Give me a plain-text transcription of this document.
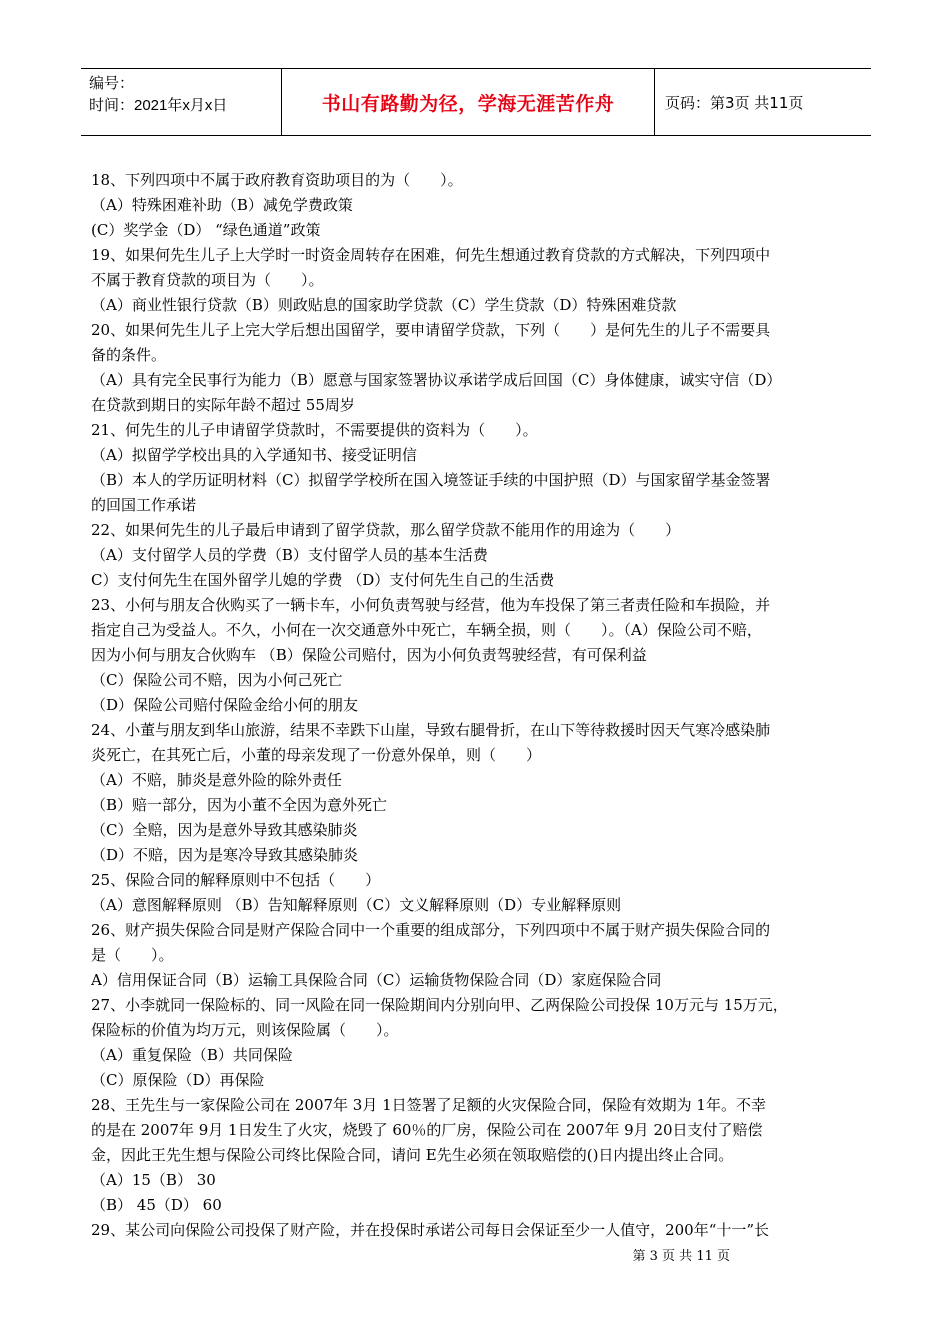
编号：
时间：2021年x月x日	书山有路勤为径，学海无涯苦作舟	页码：第3页 共11页
18、下列四项中不属于政府教育资助项目的为（　　）。
（A）特殊困难补助（B）减免学费政策
(C）奖学金（D） “绿色通道”政策
19、如果何先生儿子上大学时一时资金周转存在困难，何先生想通过教育贷款的方式解决，下列四项中
不属于教育贷款的项目为（　　）。
（A）商业性银行贷款（B）则政贴息的国家助学贷款（C）学生贷款（D）特殊困难贷款
20、如果何先生儿子上完大学后想出国留学，要申请留学贷款，下列（　　）是何先生的儿子不需要具
备的条件。
（A）具有完全民事行为能力（B）愿意与国家签署协议承诺学成后回国（C）身体健康，诚实守信（D）
在贷款到期日的实际年龄不超过 55周岁
21、何先生的儿子申请留学贷款时，不需要提供的资料为（　　）。
（A）拟留学学校出具的入学通知书、接受证明信
（B）本人的学历证明材料（C）拟留学学校所在国入境签证手续的中国护照（D）与国家留学基金签署
的回国工作承诺
22、如果何先生的儿子最后申请到了留学贷款，那么留学贷款不能用作的用途为（　　）
（A）支付留学人员的学费（B）支付留学人员的基本生活费
C）支付何先生在国外留学儿媳的学费 （D）支付何先生自己的生活费
23、小何与朋友合伙购买了一辆卡车，小何负责驾驶与经营，他为车投保了第三者责任险和车损险，并
指定自己为受益人。不久，小何在一次交通意外中死亡，车辆全损，则（　　）。（A）保险公司不赔，
因为小何与朋友合伙购车 （B）保险公司赔付，因为小何负责驾驶经营，有可保利益
（C）保险公司不赔，因为小何己死亡
（D）保险公司赔付保险金给小何的朋友
24、小董与朋友到华山旅游，结果不幸跌下山崖，导致右腿骨折，在山下等待救援时因天气寒冷感染肺
炎死亡，在其死亡后，小董的母亲发现了一份意外保单，则（　　）
（A）不赔，肺炎是意外险的除外责任
（B）赔一部分，因为小董不全因为意外死亡
（C）全赔，因为是意外导致其感染肺炎
（D）不赔，因为是寒冷导致其感染肺炎
25、保险合同的解释原则中不包括（　　）
（A）意图解释原则 （B）告知解释原则（C）文义解释原则（D）专业解释原则
26、财产损失保险合同是财产保险合同中一个重要的组成部分，下列四项中不属于财产损失保险合同的
是（　　）。
A）信用保证合同（B）运输工具保险合同（C）运输货物保险合同（D）家庭保险合同
27、小李就同一保险标的、同一风险在同一保险期间内分别向甲、乙两保险公司投保 10万元与 15万元，
保险标的价值为均万元，则该保险属（　　）。
（A）重复保险（B）共同保险
（C）原保险（D）再保险
28、王先生与一家保险公司在 2007年 3月 1日签署了足额的火灾保险合同，保险有效期为 1年。不幸
的是在 2007年 9月 1日发生了火灾，烧毁了 60％的厂房，保险公司在 2007年 9月 20日支付了赔偿
金，因此王先生想与保险公司终比保险合同，请问 E先生必须在领取赔偿的()日内提出终止合同。
（A）15（B） 30
（B） 45（D） 60
29、某公司向保险公司投保了财产险，并在投保时承诺公司每日会保证至少一人值守，200年“十一”长
第 3 页 共 11 页
